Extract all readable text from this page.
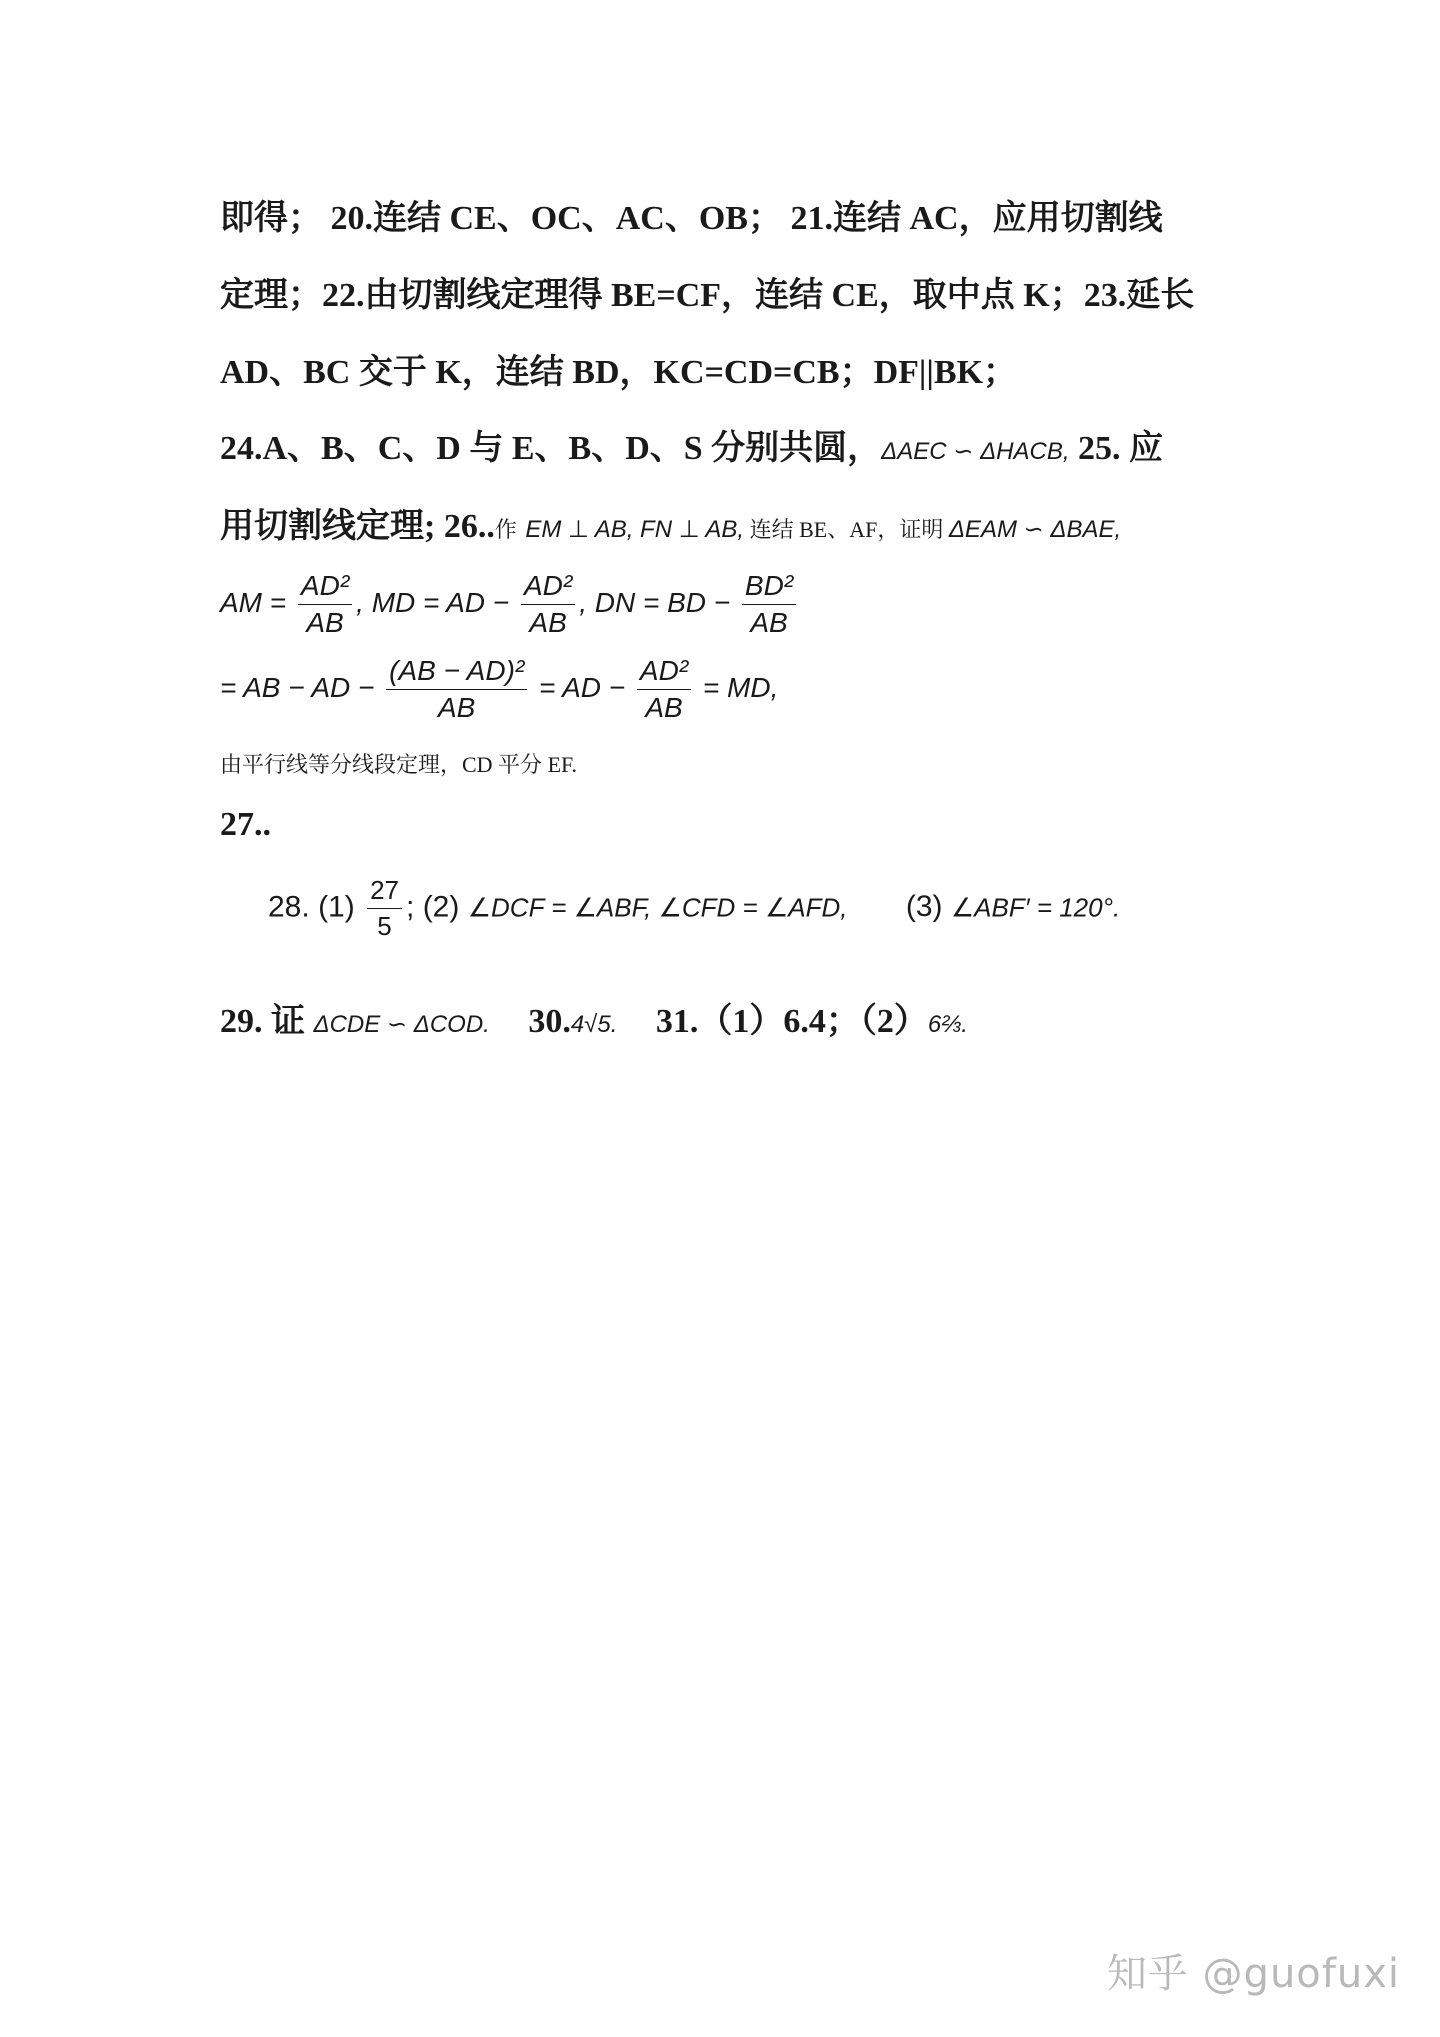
即得； 20.连结 CE、OC、AC、OB； 21.连结 AC，应用切割线
定理；22.由切割线定理得 BE=CF，连结 CE，取中点 K；23.延长
AD、BC 交于 K，连结 BD，KC=CD=CB；DF||BK；
24.A、B、C、D 与 E、B、D、S 分别共圆，ΔAEC ∽ ΔHACB, 25. 应
用切割线定理; 26..作 EM ⊥ AB, FN ⊥ AB, 连结 BE、AF，证明 ΔEAM ∽ ΔBAE,
AM = $\frac{\text{AD²}}{AB}$ , MD = AD − $\frac{\text{AD²}}{AB}$ , DN = BD − $\frac{\text{BD²}}{AB}$
= AB − AD − $\frac{\text{(AB − AD)²}}{AB}$ = AD − $\frac{\text{AD²}}{AB}$ = MD,
由平行线等分线段定理，CD 平分 EF.
27..
28. $(1) \frac{27}{5}$ ; (2) ∠DCF = ∠ABF, ∠CFD = ∠AFD, (3) ∠ABF′ = 120°.
29. 证 ΔCDE ∽ ΔCOD. 30.4√5. 31.（1）6.4；（2）6⅔.
知乎 @guofuxi
